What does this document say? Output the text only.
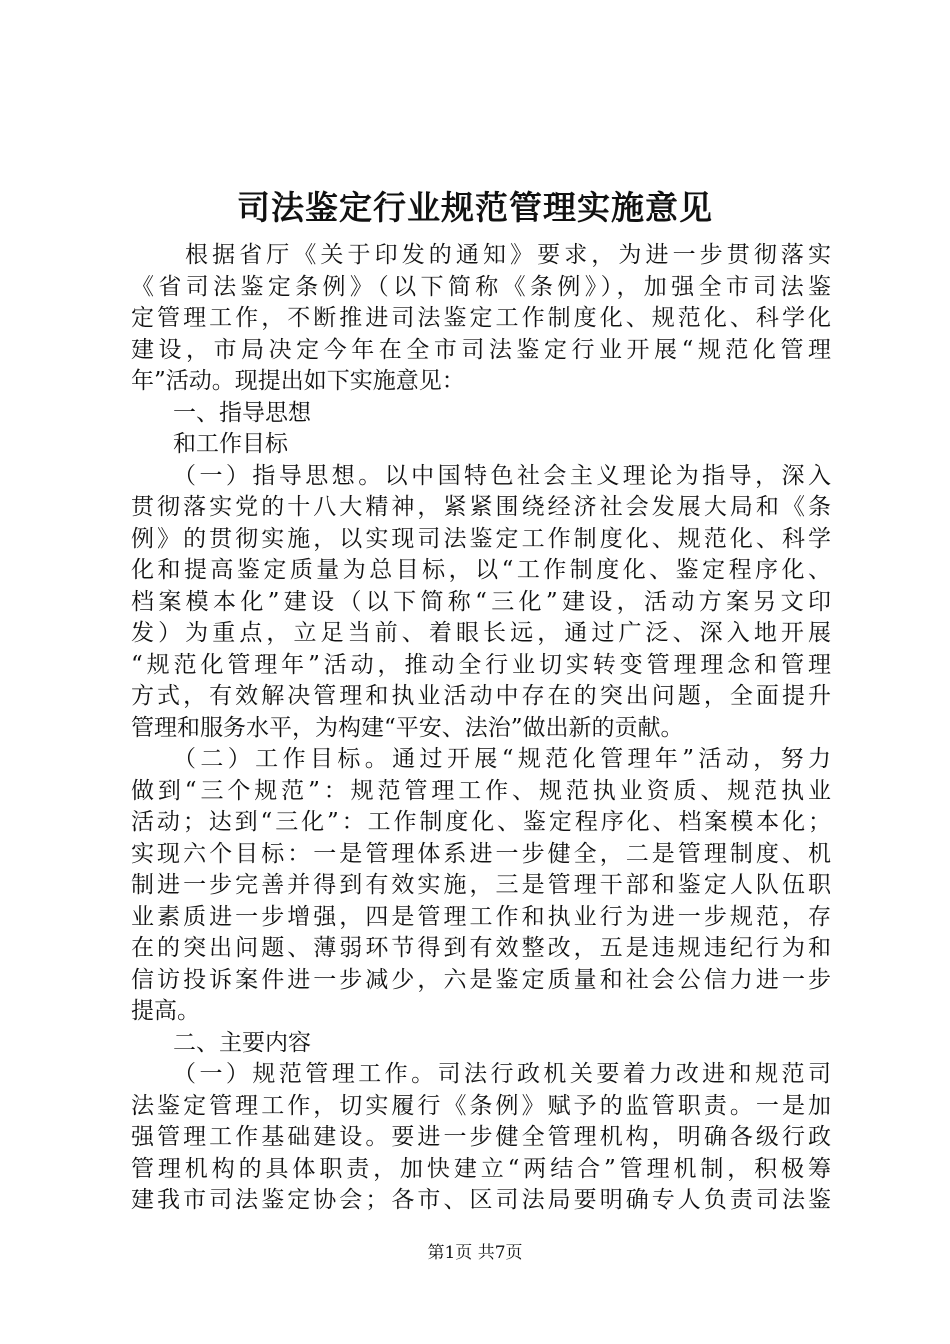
司法鉴定行业规范管理实施意见
根据省厅《关于印发的通知》要求，为进一步贯彻落实
《省司法鉴定条例》（以下简称《条例》），加强全市司法鉴
定管理工作，不断推进司法鉴定工作制度化、规范化、科学化
建设，市局决定今年在全市司法鉴定行业开展“规范化管理
年”活动。现提出如下实施意见：
一、指导思想
和工作目标
（一）指导思想。以中国特色社会主义理论为指导，深入
贯彻落实党的十八大精神，紧紧围绕经济社会发展大局和《条
例》的贯彻实施，以实现司法鉴定工作制度化、规范化、科学
化和提高鉴定质量为总目标，以“工作制度化、鉴定程序化、
档案模本化”建设（以下简称“三化”建设，活动方案另文印
发）为重点，立足当前、着眼长远，通过广泛、深入地开展
“规范化管理年”活动，推动全行业切实转变管理理念和管理
方式，有效解决管理和执业活动中存在的突出问题，全面提升
管理和服务水平，为构建“平安、法治”做出新的贡献。
（二）工作目标。通过开展“规范化管理年”活动，努力
做到“三个规范”：规范管理工作、规范执业资质、规范执业
活动；达到“三化”：工作制度化、鉴定程序化、档案模本化；
实现六个目标：一是管理体系进一步健全，二是管理制度、机
制进一步完善并得到有效实施，三是管理干部和鉴定人队伍职
业素质进一步增强，四是管理工作和执业行为进一步规范，存
在的突出问题、薄弱环节得到有效整改，五是违规违纪行为和
信访投诉案件进一步减少，六是鉴定质量和社会公信力进一步
提高。
二、主要内容
（一）规范管理工作。司法行政机关要着力改进和规范司
法鉴定管理工作，切实履行《条例》赋予的监管职责。一是加
强管理工作基础建设。要进一步健全管理机构，明确各级行政
管理机构的具体职责，加快建立“两结合”管理机制，积极筹
建我市司法鉴定协会；各市、区司法局要明确专人负责司法鉴
第1页 共7页
